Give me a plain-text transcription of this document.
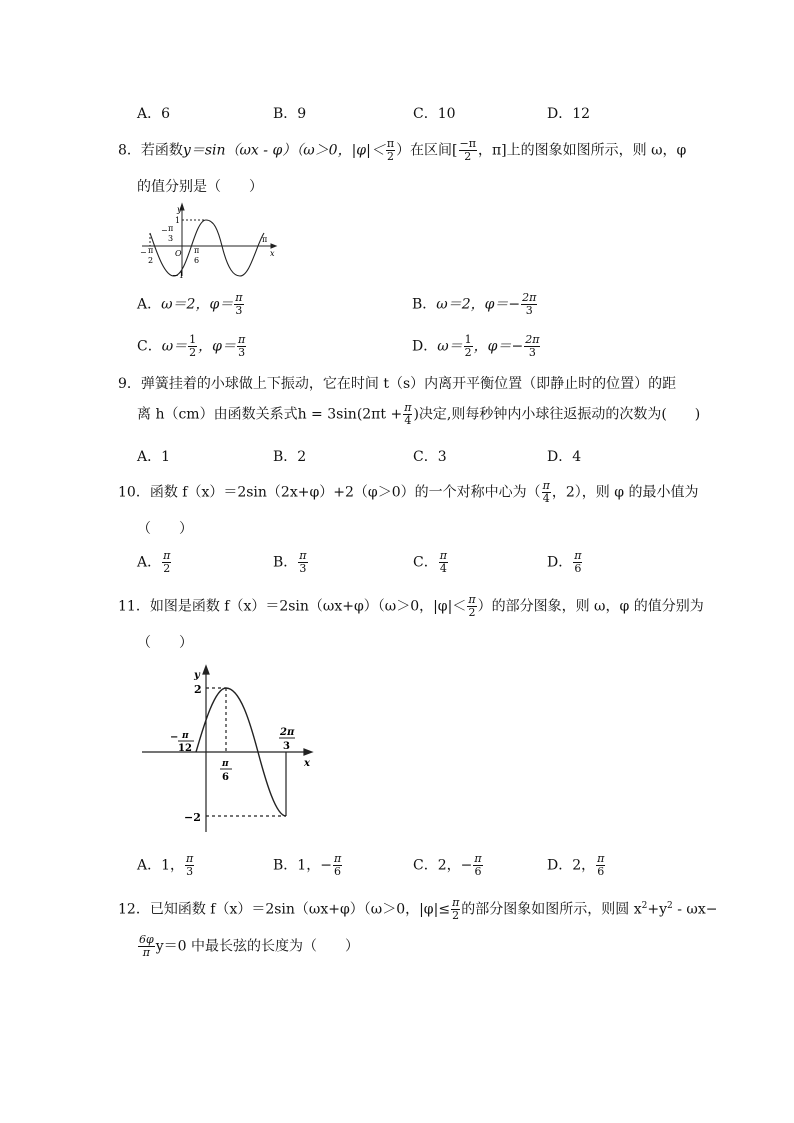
A．6	B．9	C．10	D．12
8．若函数y＝sin（ωx - φ）（ω＞0，$|\varphi|< \frac{\pi}{2}$ ）在区间[ $\frac{-\pi}{2}$ ，π]上的图象如图所示，则 ω，φ
的值分别是（　　）
y
1
− π
3
O π
6
π
x
−1
− π
2
A．ω＝2，$\varphi= \frac{\pi}{3}$	B．ω＝2，$\varphi=- \frac{2\pi}{3}$
C．$\omega= \frac{1}{2}$ ，$\varphi= \frac{\pi}{3}$	D．$\omega= \frac{1}{2}$ ，$\varphi=- \frac{2\pi}{3}$
9．弹簧挂着的小球做上下振动，它在时间 t（s）内离开平衡位置（即静止时的位置）的距
离 h（cm）由函数关系式$h = 3\sin(2\pi t + \frac{\pi}{4}$ )决定,则每秒钟内小球往返振动的次数为(　　)
A．1	B．2	C．3	D．4
10．函数 f（x）＝2sin（2x+φ）+2（φ＞0）的一个对称中心为（ $\frac{\pi}{4}$ ，2），则 φ 的最小值为
（　　）
A． $\frac{\pi}{2}$	B． $\frac{\pi}{3}$	C． $\frac{\pi}{4}$	D． $\frac{\pi}{6}$
11．如图是函数 f（x）＝2sin（ωx+φ）（ω＞0，$|\varphi|< \frac{\pi}{2}$ ）的部分图象，则 ω，φ 的值分别为
（　　）
y
2
−2
x
− π
12
π
6
2π
3
A．1， $\frac{\pi}{3}$	B．1，− $\frac{\pi}{6}$	C．2，− $\frac{\pi}{6}$	D．2， $\frac{\pi}{6}$
12．已知函数 f（x）＝2sin（ωx+φ）（ω＞0，$|\varphi|\le \frac{\pi}{2}$ 的部分图象如图所示，则圆 $x^2+y^2 - \omega x-$
$\frac{6\varphi}{\pi} y=0$ 中最长弦的长度为（　　）
